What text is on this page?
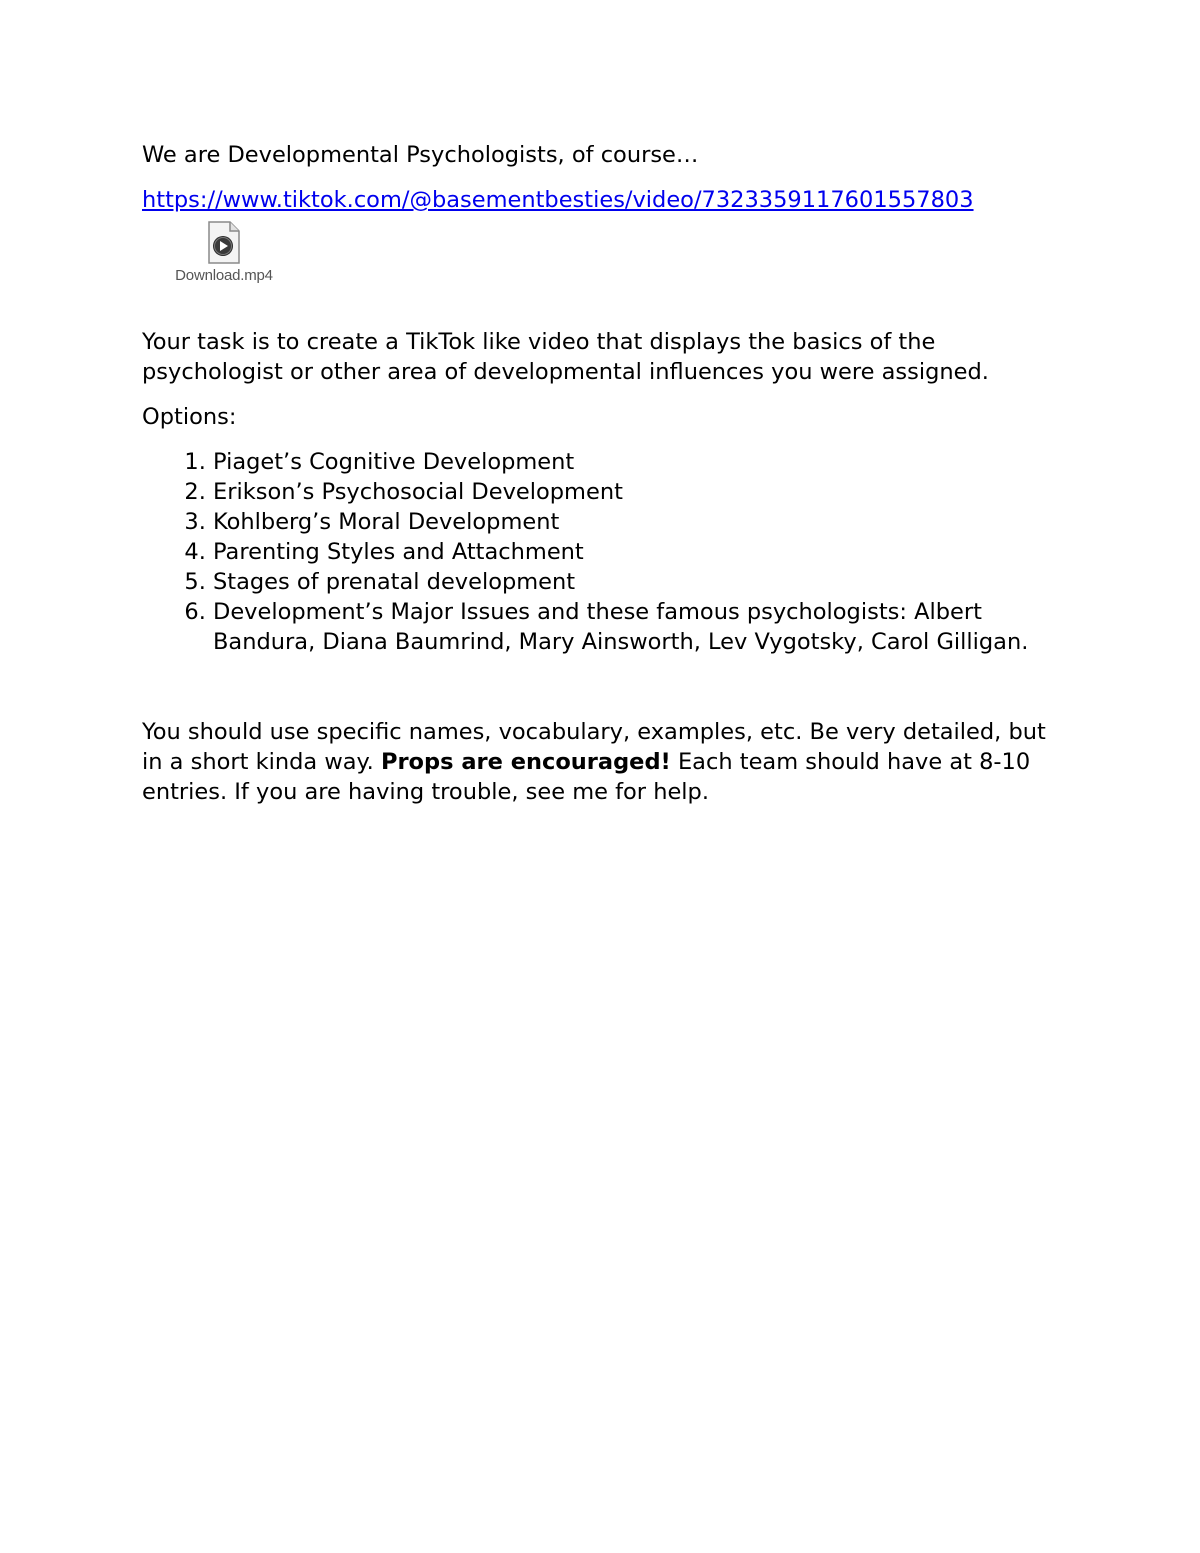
We are Developmental Psychologists, of course…

https://www.tiktok.com/@basementbesties/video/7323359117601557803
Download.mp4

Your task is to create a TikTok like video that displays the basics of the psychologist or other area of developmental influences you were assigned.

Options:

1. Piaget’s Cognitive Development
2. Erikson’s Psychosocial Development
3. Kohlberg’s Moral Development
4. Parenting Styles and Attachment
5. Stages of prenatal development
6. Development’s Major Issues and these famous psychologists: Albert Bandura, Diana Baumrind, Mary Ainsworth, Lev Vygotsky, Carol Gilligan.

You should use specific names, vocabulary, examples, etc. Be very detailed, but in a short kinda way. Props are encouraged! Each team should have at 8-10 entries. If you are having trouble, see me for help.
